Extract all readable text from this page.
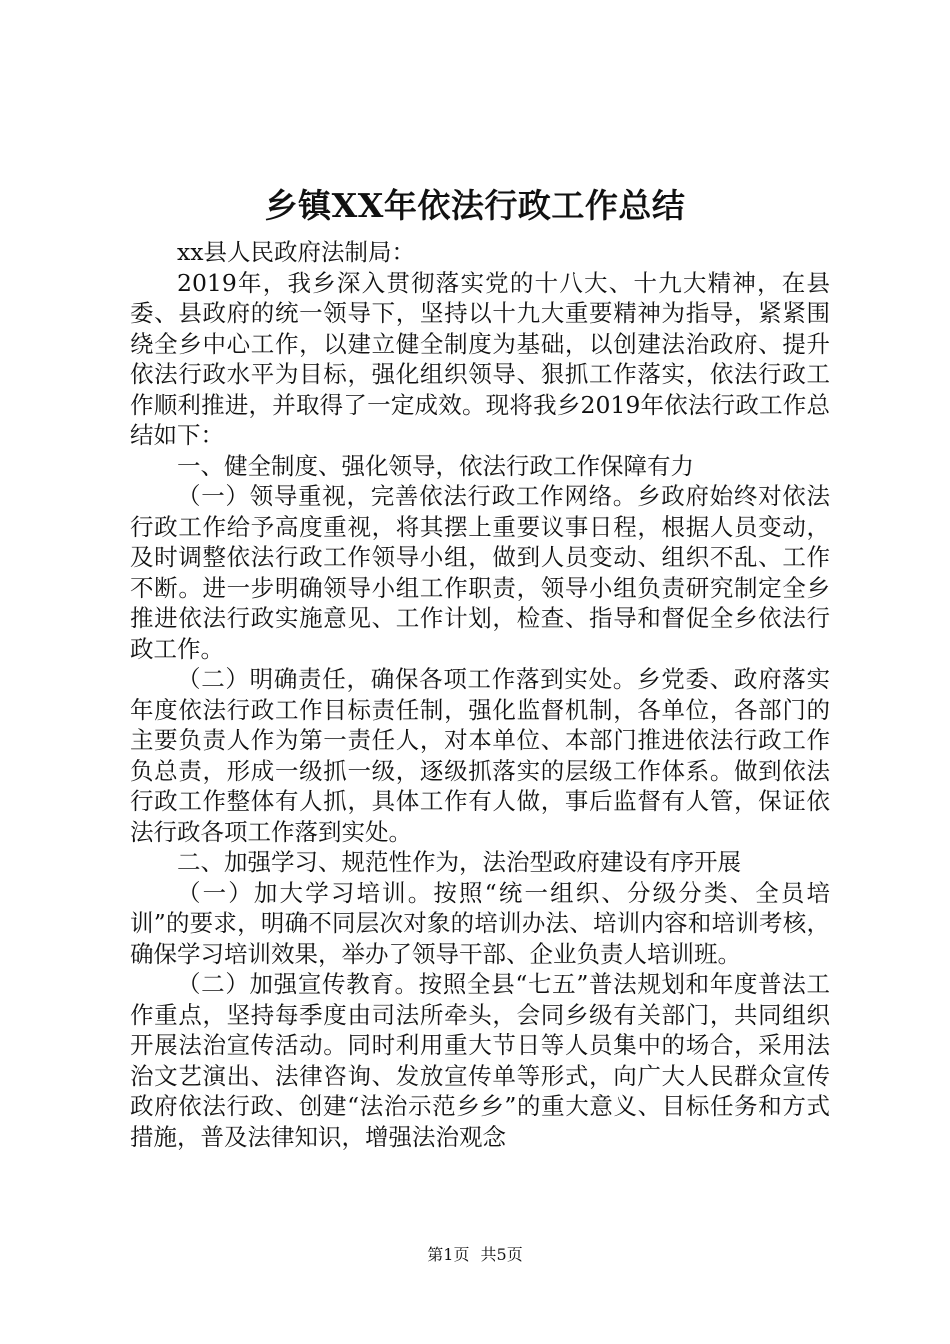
乡镇XX年依法行政工作总结

xx县人民政府法制局：

2019年，我乡深入贯彻落实党的十八大、十九大精神，在县委、县政府的统一领导下，坚持以十九大重要精神为指导，紧紧围绕全乡中心工作，以建立健全制度为基础，以创建法治政府、提升依法行政水平为目标，强化组织领导、狠抓工作落实，依法行政工作顺利推进，并取得了一定成效。现将我乡2019年依法行政工作总结如下：

一、健全制度、强化领导，依法行政工作保障有力

（一）领导重视，完善依法行政工作网络。乡政府始终对依法行政工作给予高度重视，将其摆上重要议事日程，根据人员变动，及时调整依法行政工作领导小组，做到人员变动、组织不乱、工作不断。进一步明确领导小组工作职责，领导小组负责研究制定全乡推进依法行政实施意见、工作计划，检查、指导和督促全乡依法行政工作。

（二）明确责任，确保各项工作落到实处。乡党委、政府落实年度依法行政工作目标责任制，强化监督机制，各单位，各部门的主要负责人作为第一责任人，对本单位、本部门推进依法行政工作负总责，形成一级抓一级，逐级抓落实的层级工作体系。做到依法行政工作整体有人抓，具体工作有人做，事后监督有人管，保证依法行政各项工作落到实处。

二、加强学习、规范性作为，法治型政府建设有序开展

（一）加大学习培训。按照“统一组织、分级分类、全员培训”的要求，明确不同层次对象的培训办法、培训内容和培训考核，确保学习培训效果，举办了领导干部、企业负责人培训班。

（二）加强宣传教育。按照全县“七五”普法规划和年度普法工作重点，坚持每季度由司法所牵头，会同乡级有关部门，共同组织开展法治宣传活动。同时利用重大节日等人员集中的场合，采用法治文艺演出、法律咨询、发放宣传单等形式，向广大人民群众宣传政府依法行政、创建“法治示范乡乡”的重大意义、目标任务和方式措施，普及法律知识，增强法治观念

第1页 共5页
